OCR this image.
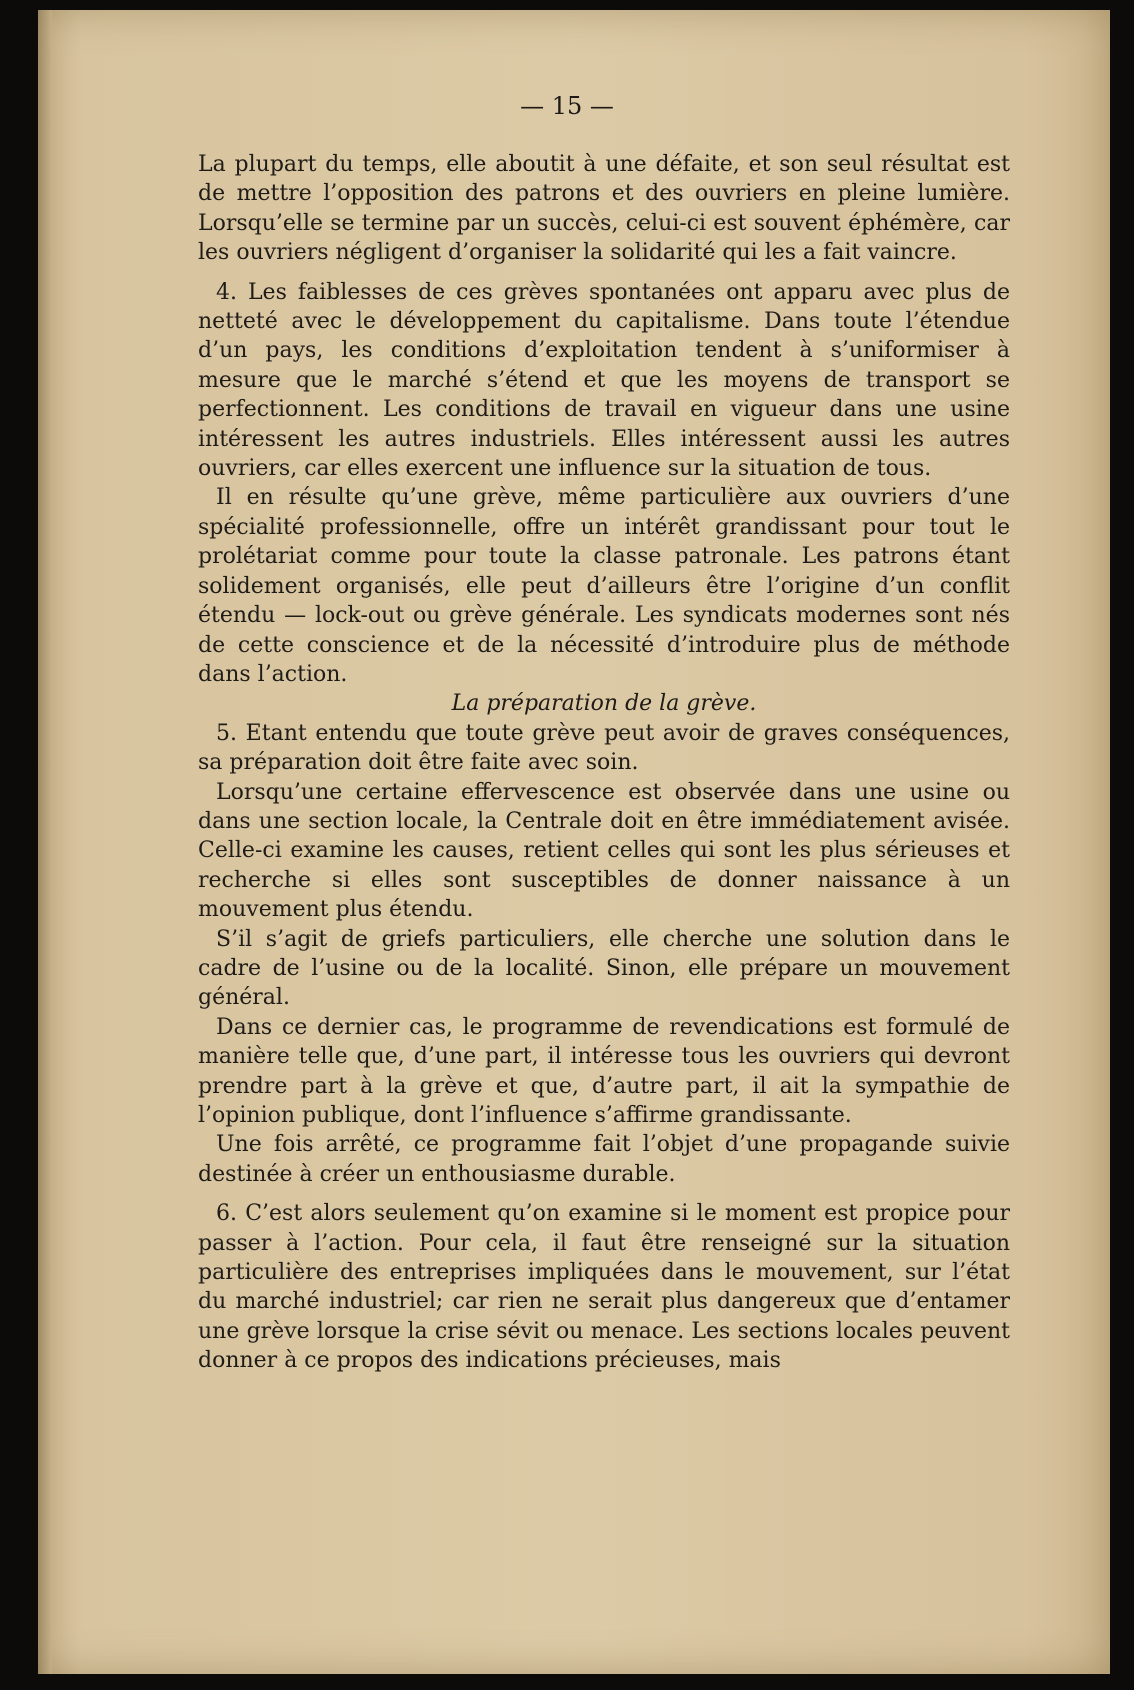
— 15 —

La plupart du temps, elle aboutit à une défaite, et son seul résultat est de mettre l’opposition des patrons et des ouvriers en pleine lumière. Lorsqu’elle se termine par un succès, celui-ci est souvent éphémère, car les ouvriers négligent d’organiser la solidarité qui les a fait vaincre.

4. Les faiblesses de ces grèves spontanées ont apparu avec plus de netteté avec le développement du capitalisme. Dans toute l’étendue d’un pays, les conditions d’exploitation tendent à s’uniformiser à mesure que le marché s’étend et que les moyens de transport se perfectionnent. Les conditions de travail en vigueur dans une usine intéressent les autres industriels. Elles intéressent aussi les autres ouvriers, car elles exercent une influence sur la situation de tous.

Il en résulte qu’une grève, même particulière aux ouvriers d’une spécialité professionnelle, offre un intérêt grandissant pour tout le prolétariat comme pour toute la classe patronale. Les patrons étant solidement organisés, elle peut d’ailleurs être l’origine d’un conflit étendu — lock-out ou grève générale. Les syndicats modernes sont nés de cette conscience et de la nécessité d’introduire plus de méthode dans l’action.

La préparation de la grève.

5. Etant entendu que toute grève peut avoir de graves conséquences, sa préparation doit être faite avec soin.

Lorsqu’une certaine effervescence est observée dans une usine ou dans une section locale, la Centrale doit en être immédiatement avisée. Celle-ci examine les causes, retient celles qui sont les plus sérieuses et recherche si elles sont susceptibles de donner naissance à un mouvement plus étendu.

S’il s’agit de griefs particuliers, elle cherche une solution dans le cadre de l’usine ou de la localité. Sinon, elle prépare un mouvement général.

Dans ce dernier cas, le programme de revendications est formulé de manière telle que, d’une part, il intéresse tous les ouvriers qui devront prendre part à la grève et que, d’autre part, il ait la sympathie de l’opinion publique, dont l’influence s’affirme grandissante.

Une fois arrêté, ce programme fait l’objet d’une propagande suivie destinée à créer un enthousiasme durable.

6. C’est alors seulement qu’on examine si le moment est propice pour passer à l’action. Pour cela, il faut être renseigné sur la situation particulière des entreprises impliquées dans le mouvement, sur l’état du marché industriel; car rien ne serait plus dangereux que d’entamer une grève lorsque la crise sévit ou menace. Les sections locales peuvent donner à ce propos des indications précieuses, mais
